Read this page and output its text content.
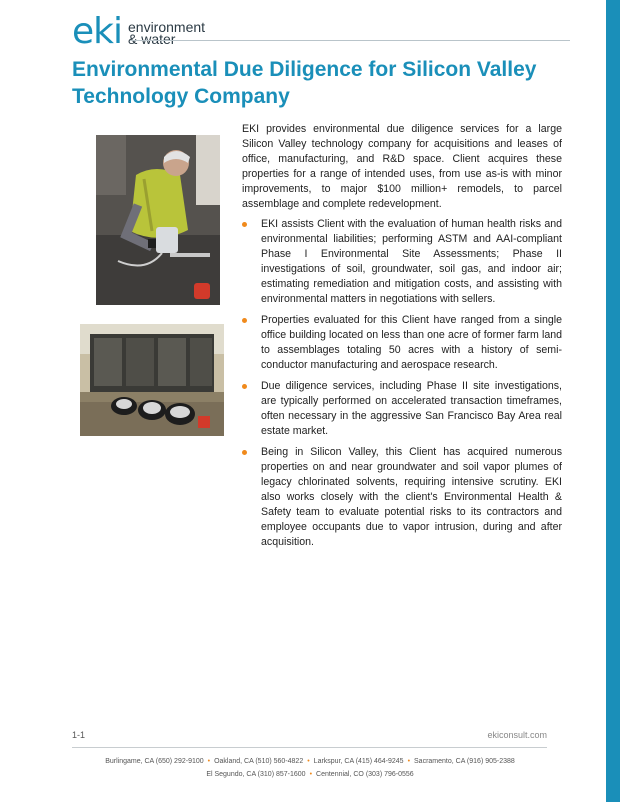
eki environment
& water
Environmental Due Diligence for Silicon Valley Technology Company

EKI provides environmental due diligence services for a large Silicon Valley technology company for acquisitions and leases of office, manufacturing, and R&D space. Client acquires these properties for a range of intended uses, from use as-is with minor improvements, to major $100 million+ remodels, to parcel assemblage and complete redevelopment.

EKI assists Client with the evaluation of human health risks and environmental liabilities; performing ASTM and AAI-compliant Phase I Environmental Site Assessments; Phase II investigations of soil, groundwater, soil gas, and indoor air; estimating remediation and mitigation costs, and assisting with environmental matters in negotiations with sellers.
Properties evaluated for this Client have ranged from a single office building located on less than one acre of former farm land to assemblages totaling 50 acres with a history of semi-conductor manufacturing and aerospace research.
Due diligence services, including Phase II site investigations, are typically performed on accelerated transaction timeframes, often necessary in the aggressive San Francisco Bay Area real estate market.
Being in Silicon Valley, this Client has acquired numerous properties on and near groundwater and soil vapor plumes of legacy chlorinated solvents, requiring intensive scrutiny. EKI also works closely with the client's Environmental Health & Safety team to evaluate potential risks to its contractors and employee occupants due to vapor intrusion, during and after acquisition.
1-1	ekiconsult.com
Burlingame, CA (650) 292-9100 • Oakland, CA (510) 560-4822 • Larkspur, CA (415) 464-9245 • Sacramento, CA (916) 905-2388
El Segundo, CA (310) 857-1600 • Centennial, CO (303) 796-0556
